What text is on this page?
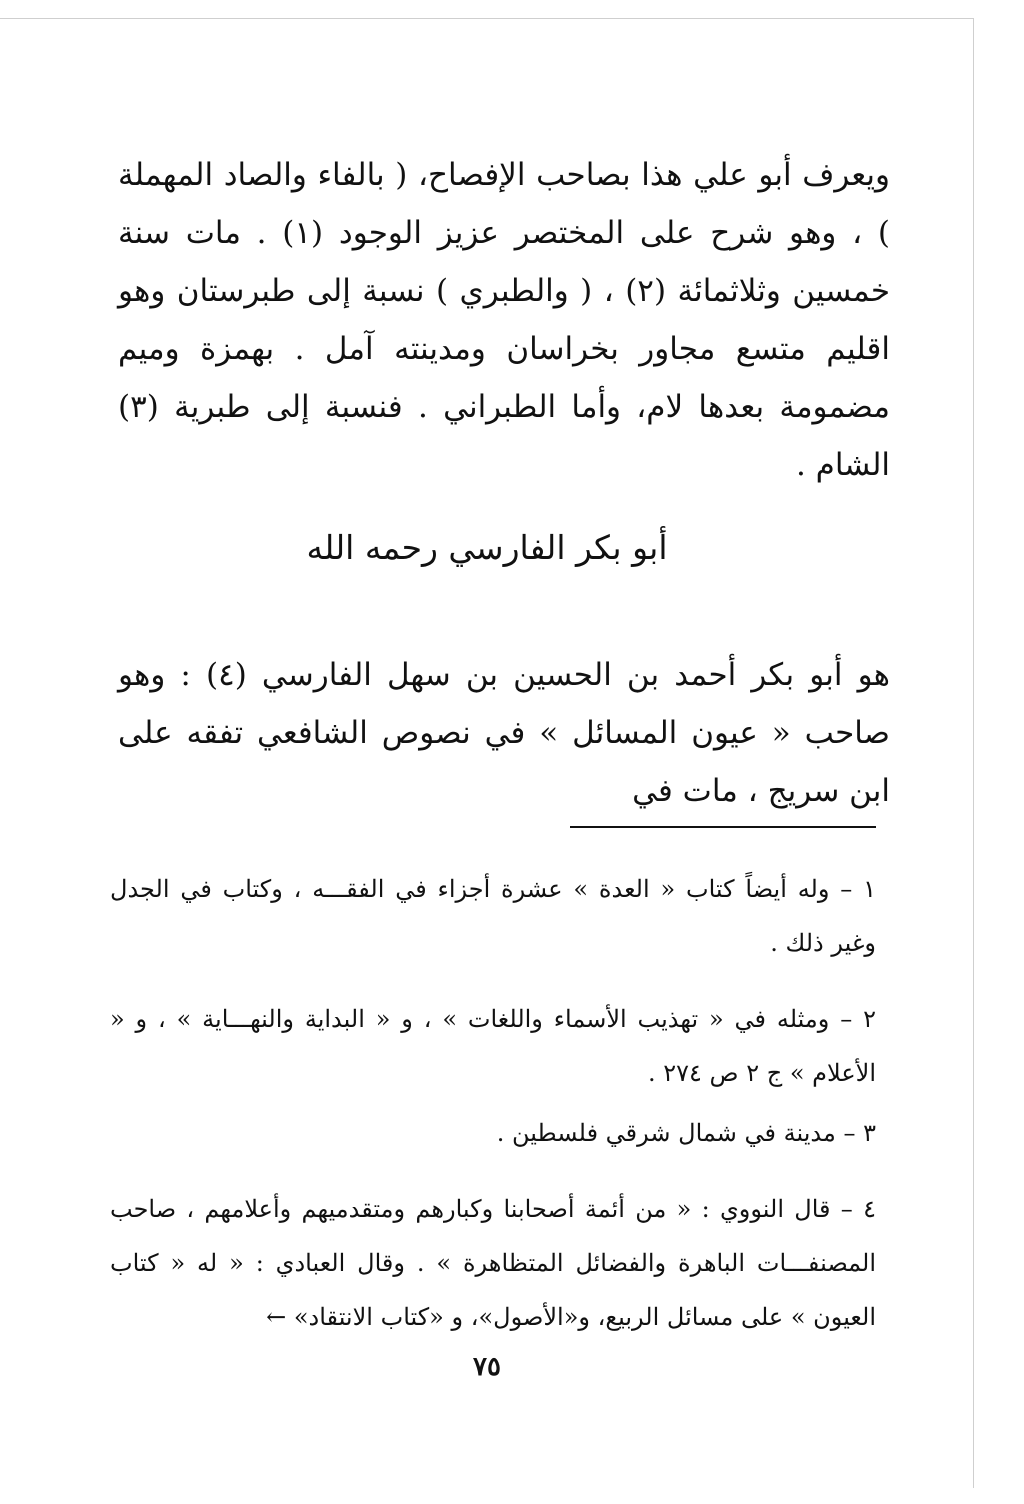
ويعرف أبو علي هذا بصاحب الإفصاح، ( بالفاء والصاد المهملة ) ، وهو شرح على المختصر عزيز الوجود (١) . مات سنة خمسين وثلاثمائة (٢) ، ( والطبري ) نسبة إلى طبرستان وهو اقليم متسع مجاور بخراسان ومدينته آمل . بهمزة وميم مضمومة بعدها لام، وأما الطبراني . فنسبة إلى طبرية (٣) الشام .
أبو بكر الفارسي رحمه الله
هو أبو بكر أحمد بن الحسين بن سهل الفارسي (٤) : وهو صاحب « عيون المسائل » في نصوص الشافعي تفقه على ابن سريج ، مات في
١ – وله أيضاً كتاب « العدة » عشرة أجزاء في الفقـــه ، وكتاب في الجدل وغير ذلك .
٢ – ومثله في « تهذيب الأسماء واللغات » ، و « البداية والنهـــاية » ، و « الأعلام » ج ٢ ص ٢٧٤ .
٣ – مدينة في شمال شرقي فلسطين .
٤ – قال النووي : « من أئمة أصحابنا وكبارهم ومتقدميهم وأعلامهم ، صاحب المصنفـــات الباهرة والفضائل المتظاهرة » . وقال العبادي : « له « كتاب العيون » على مسائل الربيع، و«الأصول»، و «كتاب الانتقاد» ←
٧٥
